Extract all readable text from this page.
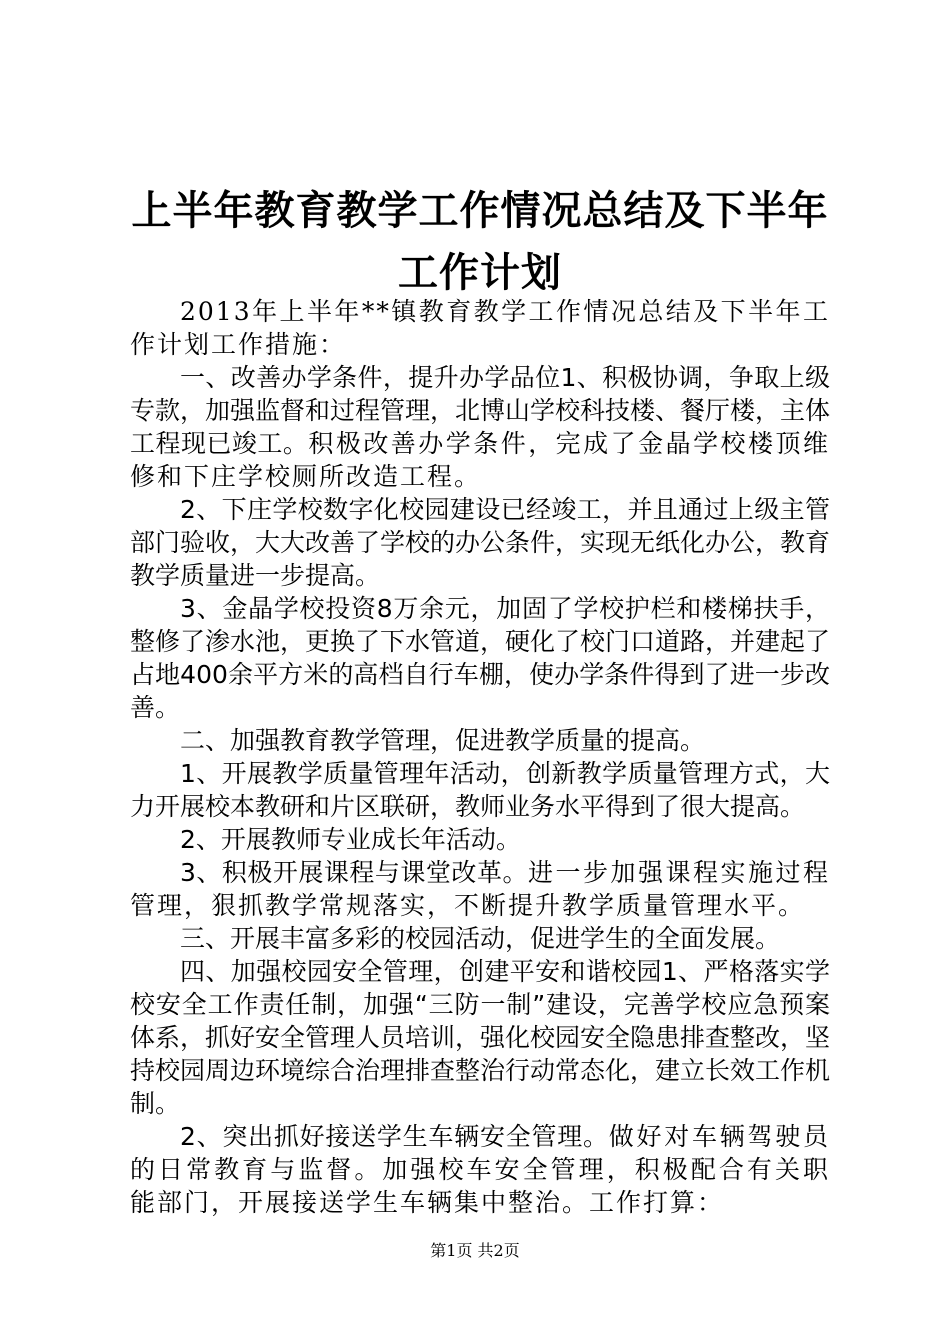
上半年教育教学工作情况总结及下半年工作计划

2013年上半年**镇教育教学工作情况总结及下半年工作计划工作措施：

一、改善办学条件，提升办学品位1、积极协调，争取上级专款，加强监督和过程管理，北博山学校科技楼、餐厅楼，主体工程现已竣工。积极改善办学条件，完成了金晶学校楼顶维修和下庄学校厕所改造工程。

2、下庄学校数字化校园建设已经竣工，并且通过上级主管部门验收，大大改善了学校的办公条件，实现无纸化办公，教育教学质量进一步提高。

3、金晶学校投资8万余元，加固了学校护栏和楼梯扶手，整修了渗水池，更换了下水管道，硬化了校门口道路，并建起了占地400余平方米的高档自行车棚，使办学条件得到了进一步改善。

二、加强教育教学管理，促进教学质量的提高。

1、开展教学质量管理年活动，创新教学质量管理方式，大力开展校本教研和片区联研，教师业务水平得到了很大提高。

2、开展教师专业成长年活动。

3、积极开展课程与课堂改革。进一步加强课程实施过程管理，狠抓教学常规落实，不断提升教学质量管理水平。

三、开展丰富多彩的校园活动，促进学生的全面发展。

四、加强校园安全管理，创建平安和谐校园1、严格落实学校安全工作责任制，加强“三防一制”建设，完善学校应急预案体系，抓好安全管理人员培训，强化校园安全隐患排查整改，坚持校园周边环境综合治理排查整治行动常态化，建立长效工作机制。

2、突出抓好接送学生车辆安全管理。做好对车辆驾驶员的日常教育与监督。加强校车安全管理，积极配合有关职能部门，开展接送学生车辆集中整治。工作打算：

第1页 共2页
